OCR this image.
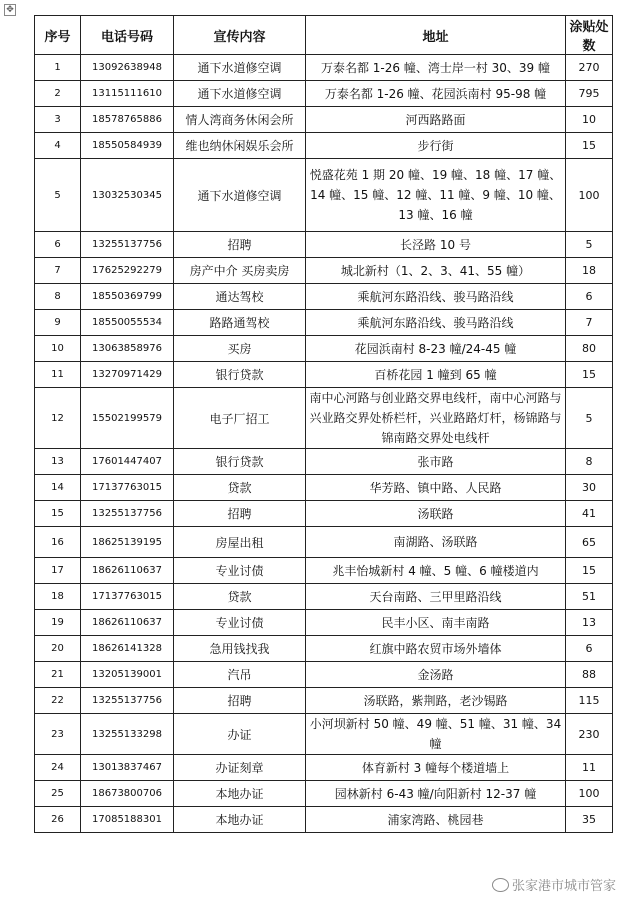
✥
序号	电话号码	宣传内容	地址	涂贴处数
1	13092638948	通下水道修空调	万泰名都 1-26 幢、湾士岸一村 30、39 幢	270
2	13115111610	通下水道修空调	万泰名都 1-26 幢、花园浜南村 95-98 幢	795
3	18578765886	情人湾商务休闲会所	河西路路面	10
4	18550584939	维也纳休闲娱乐会所	步行街	15
5	13032530345	通下水道修空调	悦盛花苑 1 期 20 幢、19 幢、18 幢、17 幢、14 幢、15 幢、12 幢、11 幢、9 幢、10 幢、13 幢、16 幢	100
6	13255137756	招聘	长泾路 10 号	5
7	17625292279	房产中介 买房卖房	城北新村（1、2、3、41、55 幢）	18
8	18550369799	通达驾校	乘航河东路沿线、骏马路沿线	6
9	18550055534	路路通驾校	乘航河东路沿线、骏马路沿线	7
10	13063858976	买房	花园浜南村 8-23 幢/24-45 幢	80
11	13270971429	银行贷款	百桥花园 1 幢到 65 幢	15
12	15502199579	电子厂招工	南中心河路与创业路交界电线杆，南中心河路与兴业路交界处桥栏杆，兴业路路灯杆，杨锦路与锦南路交界处电线杆	5
13	17601447407	银行贷款	张市路	8
14	17137763015	贷款	华芳路、镇中路、人民路	30
15	13255137756	招聘	汤联路	41
16	18625139195	房屋出租	南湖路、汤联路	65
17	18626110637	专业讨债	兆丰怡城新村 4 幢、5 幢、6 幢楼道内	15
18	17137763015	贷款	天台南路、三甲里路沿线	51
19	18626110637	专业讨债	民丰小区、南丰南路	13
20	18626141328	急用钱找我	红旗中路农贸市场外墙体	6
21	13205139001	汽吊	金汤路	88
22	13255137756	招聘	汤联路，紫荆路，老沙锡路	115
23	13255133298	办证	小河坝新村 50 幢、49 幢、51 幢、31 幢、34 幢	230
24	13013837467	办证刻章	体育新村 3 幢每个楼道墙上	11
25	18673800706	本地办证	园林新村 6-43 幢/向阳新村 12-37 幢	100
26	17085188301	本地办证	浦家湾路、桃园巷	35
张家港市城市管家
